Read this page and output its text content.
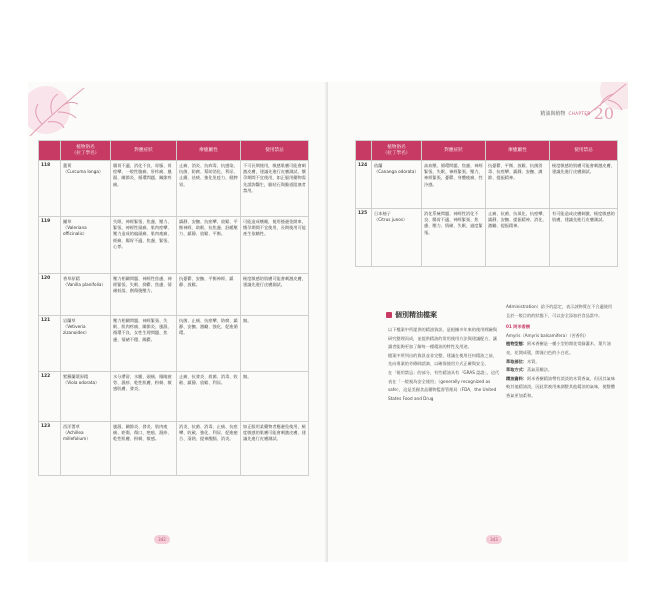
	植物俗名
（拉丁學名）	對應症狀	療癒屬性	使用禁忌
118	薑黃
（Curcuma longa）	腸胃不適、消化不良、胃脹、胃痙攣、一般性腹痛、肝疼痛、風濕、關節炎、循環問題、關節疼痛。	止痛、消炎、抗病毒、抗感染、抗菌、防腐、幫助消化、利尿、止癢、祛痰、強化免疫力、健脾胃。	不可長期使用，敏感肌膚可能會刺激皮膚，建議先進行皮膚測試，懷孕期間不宜使用，如正服用藥物需先諮詢醫生，膽結石與膽道阻塞者禁用。
119	纈草
（Valeriana officinalis）	失眠、神經緊張、焦慮、壓力、緊張、神經性頭痛、肌肉痙攣、壓力造成的偏頭痛、肌肉痠痛、經痛、腸胃不適、焦慮、緊張、心悸。	鎮靜、安撫、抗痙攣、放鬆、平衡神經、助眠、抗焦慮、舒緩壓力、鎮靜、放鬆、平衡。	可能造成嗜睡，使用後避免開車，懷孕期間不宜使用，長期使用可能產生依賴性。
120	香草原精
（Vanilla planifolia）	壓力相關問題、神經性焦慮、神經緊張、失眠、抑鬱、焦慮、情緒低落、創傷後壓力。	抗憂鬱、安撫、平衡神經、鎮靜、放鬆。	極度敏感的肌膚可能會刺激皮膚，建議先進行皮膚測試。
121	岩蘭草
（Vetiveria zizanoides）	壓力相關問題、神經緊張、失眠、肌肉疼痛、關節炎、風濕、循環不良、女性生理問題、焦慮、情緒不穩、躁鬱。	抗菌、止痛、抗痙攣、防腐、鎮靜、安撫、激勵、強化、促進循環。	無。
122	紫羅蘭葉原精
（Viola odorata）	水分滯留、水腫、頭痛、眼睛疲勞、濕疹、乾性肌膚、粉刺、敏感肌膚、發炎。	止痛、抗發炎、殺菌、消毒、收斂、鎮靜、放鬆、利尿。	無。
123	西洋蓍草
（Achillea millefolium）	風濕、關節炎、發炎、肌肉痠痛、瘀傷、傷口、疤痕、濕疹、乾性肌膚、粉刺、敏感。	消炎、抗菌、消毒、止痛、抗痙攣、收斂、強化、利尿、促進癒合、清熱、提神醒腦、消炎。	如正服用某藥物者應避免使用，極度敏感的肌膚可能會刺激皮膚，建議先進行皮膚測試。
342
精油與植物 CHAPTER 20
	植物俗名
（拉丁學名）	對應症狀	療癒屬性	使用禁忌
124	依蘭
（Cananga odorata）	高血壓、循環問題、焦慮、神經緊張、失眠、神經緊張、壓力、神經緊張、憂鬱、身體痠痛、性冷感。	抗憂鬱、平衡、放鬆、抗菌消毒、抗痙攣、鎮靜、安撫、調節、提振精神。	極度敏感的肌膚可能會刺激皮膚，建議先進行皮膚測試。
125	日本柚子
（Citrus junos）	消化系統問題、神經性消化不良、腸胃不適、神經緊張、焦慮、壓力、情緒、失眠、過度緊張。	止痛、抗菌、抗氧化、抗痙攣、鎮靜、安撫、提振精神、消化、激勵、提振精神。	有可能造成皮膚刺激，極度敏感的肌膚，建議先進行皮膚測試。
個別精油檔案

以下檔案中所提供的精油資訊，是根據多年來的使用經驗與研究整理而成，並提供精油的常用使用方法與建議配方，讓讀者能夠更加了解每一種精油的特性及用途。

檔案中所列出的資訊並非完整，建議在使用任何精油之前，先向專業的芳療師諮詢，以確保使用方式正確與安全。

在「使用禁忌」的部分，有些精油具有「GRAS 認證」，這代表在「一般視為安全使用」（generally recognized as safe），這是美國食品藥物監督管理局（FDA，the United States Food and Drug

Administration）給予的認定，表示該物質在不合適使用且於一般目的的狀態下，可以安全添加於食品當中。

01 阿米香樹

Amyris（Amyris balsamifera）（苦香科）

植物型態：阿米香樹是一種小型的開花常綠灌木，葉片油亮，花開成簇，開淺白色的小白花。

萃取部位：木質。

萃取方式：蒸氣蒸餾法。

精油資料：阿米香樹精油帶有淡淡的木質香氣，但因其氣味較其他精油淡，因此常被用來調整其他精油的氣味，使整體香氣更加柔和。

343
